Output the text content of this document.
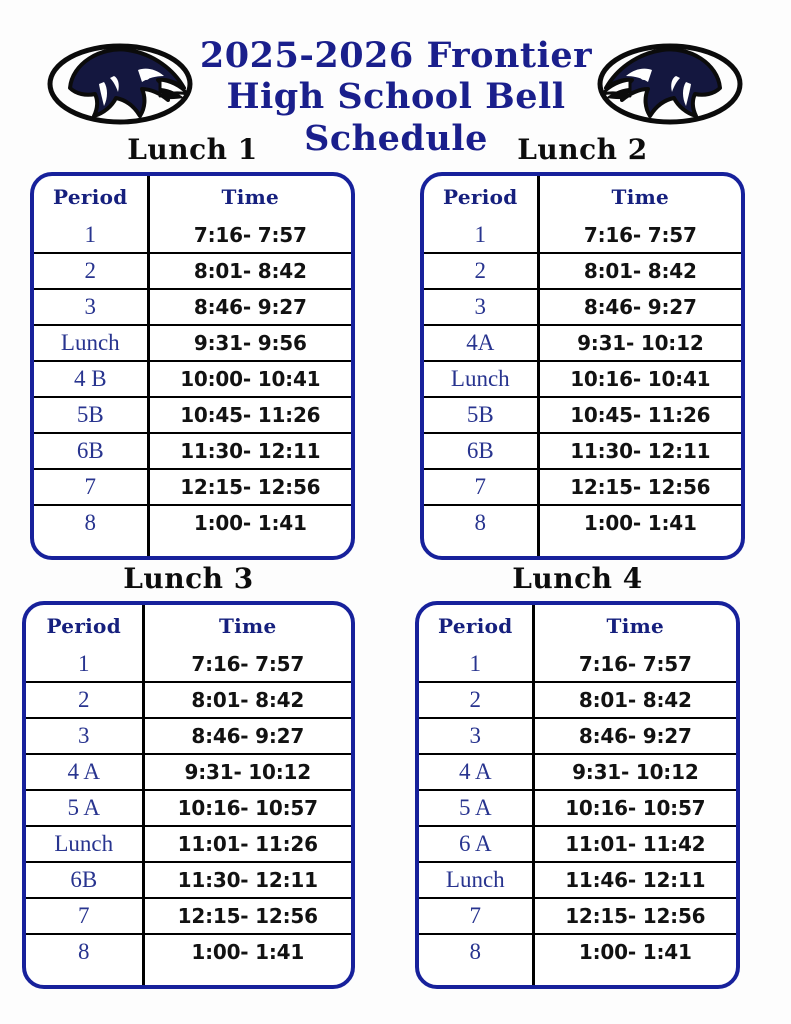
2025-2026 Frontier
High School Bell
Schedule
Lunch 1
Period	Time
1	7:16- 7:57
2	8:01- 8:42
3	8:46- 9:27
Lunch	9:31- 9:56
4 B	10:00- 10:41
5B	10:45- 11:26
6B	11:30- 12:11
7	12:15- 12:56
8	1:00- 1:41
Lunch 2
Period	Time
1	7:16- 7:57
2	8:01- 8:42
3	8:46- 9:27
4A	9:31- 10:12
Lunch	10:16- 10:41
5B	10:45- 11:26
6B	11:30- 12:11
7	12:15- 12:56
8	1:00- 1:41
Lunch 3
Period	Time
1	7:16- 7:57
2	8:01- 8:42
3	8:46- 9:27
4 A	9:31- 10:12
5 A	10:16- 10:57
Lunch	11:01- 11:26
6B	11:30- 12:11
7	12:15- 12:56
8	1:00- 1:41
Lunch 4
Period	Time
1	7:16- 7:57
2	8:01- 8:42
3	8:46- 9:27
4 A	9:31- 10:12
5 A	10:16- 10:57
6 A	11:01- 11:42
Lunch	11:46- 12:11
7	12:15- 12:56
8	1:00- 1:41
